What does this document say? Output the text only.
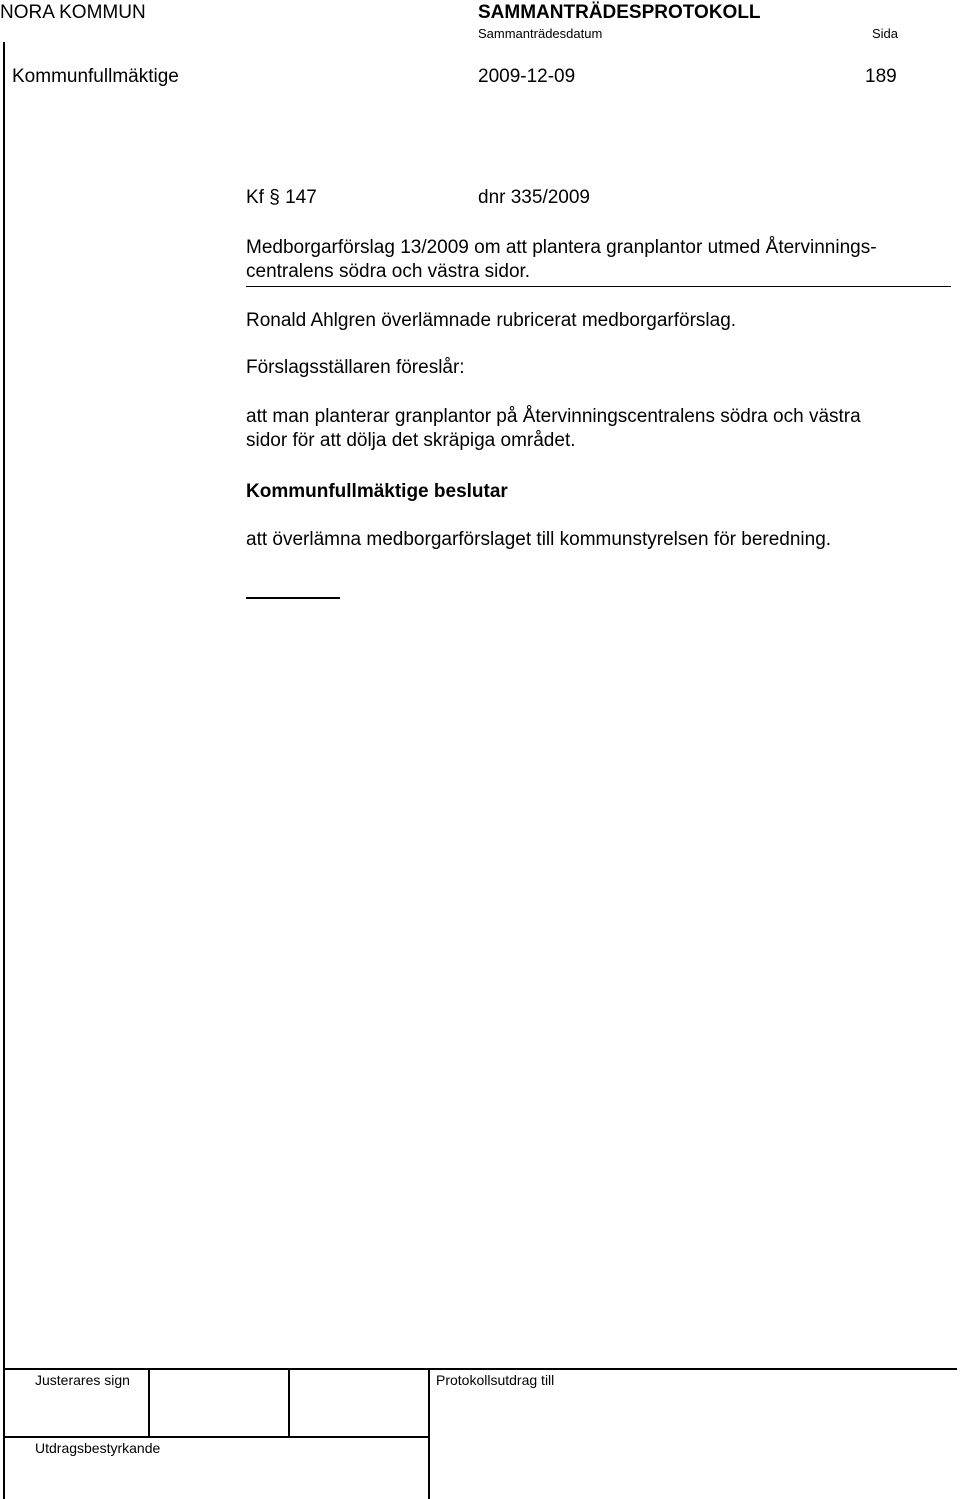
NORA KOMMUN	SAMMANTRÄDESPROTOKOLL
Sammanträdesdatum	Sida
Kommunfullmäktige	2009-12-09	189
Kf § 147	dnr 335/2009
Medborgarförslag 13/2009 om att plantera granplantor utmed Återvinnings-
centralens södra och västra sidor.
Ronald Ahlgren överlämnade rubricerat medborgarförslag.
Förslagsställaren föreslår:
att man planterar granplantor på Återvinningscentralens södra och västra
sidor för att dölja det skräpiga området.
Kommunfullmäktige beslutar
att överlämna medborgarförslaget till kommunstyrelsen för beredning.
Justerares sign	Protokollsutdrag till
Utdragsbestyrkande
